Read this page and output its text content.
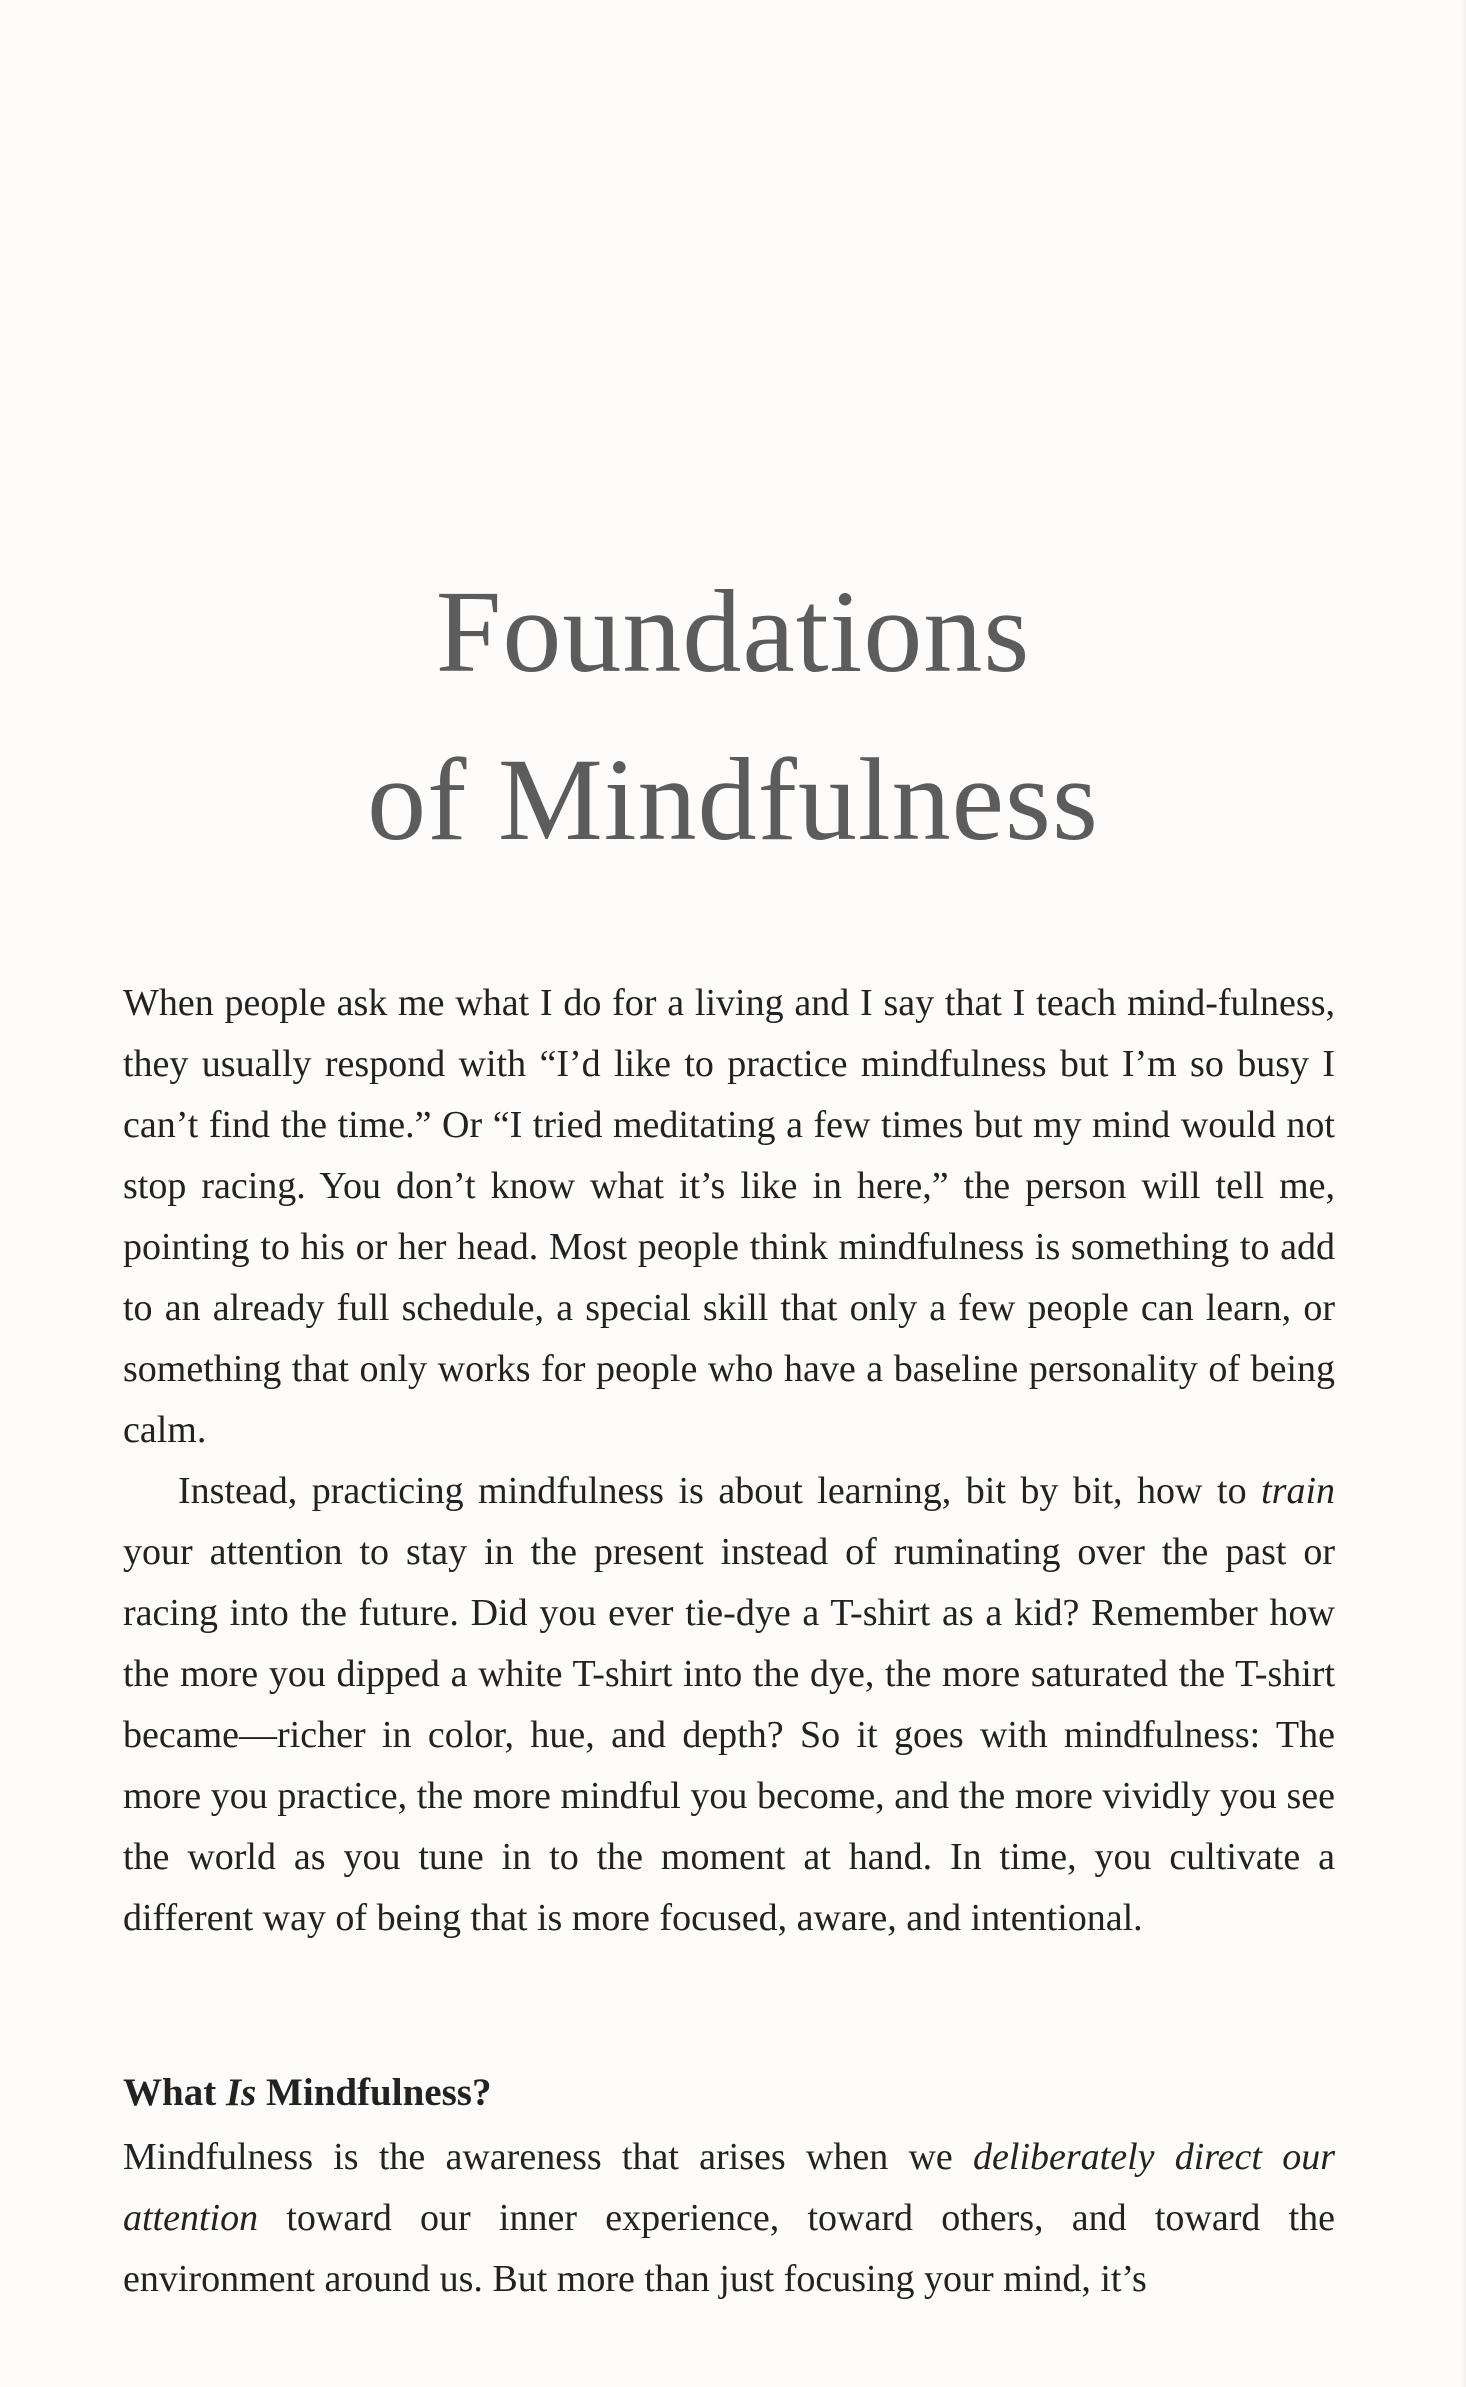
Foundations
of Mindfulness

When people ask me what I do for a living and I say that I teach mind-fulness, they usually respond with “I’d like to practice mindfulness but I’m so busy I can’t find the time.” Or “I tried meditating a few times but my mind would not stop racing. You don’t know what it’s like in here,” the person will tell me, pointing to his or her head. Most people think mindfulness is something to add to an already full schedule, a special skill that only a few people can learn, or something that only works for people who have a baseline personality of being calm.

Instead, practicing mindfulness is about learning, bit by bit, how to train your attention to stay in the present instead of ruminating over the past or racing into the future. Did you ever tie-dye a T-shirt as a kid? Remember how the more you dipped a white T-shirt into the dye, the more saturated the T-shirt became—richer in color, hue, and depth? So it goes with mindfulness: The more you practice, the more mindful you become, and the more vividly you see the world as you tune in to the moment at hand. In time, you cultivate a different way of being that is more focused, aware, and intentional.

What Is Mindfulness?

Mindfulness is the awareness that arises when we deliberately direct our attention toward our inner experience, toward others, and toward the environment around us. But more than just focusing your mind, it’s
